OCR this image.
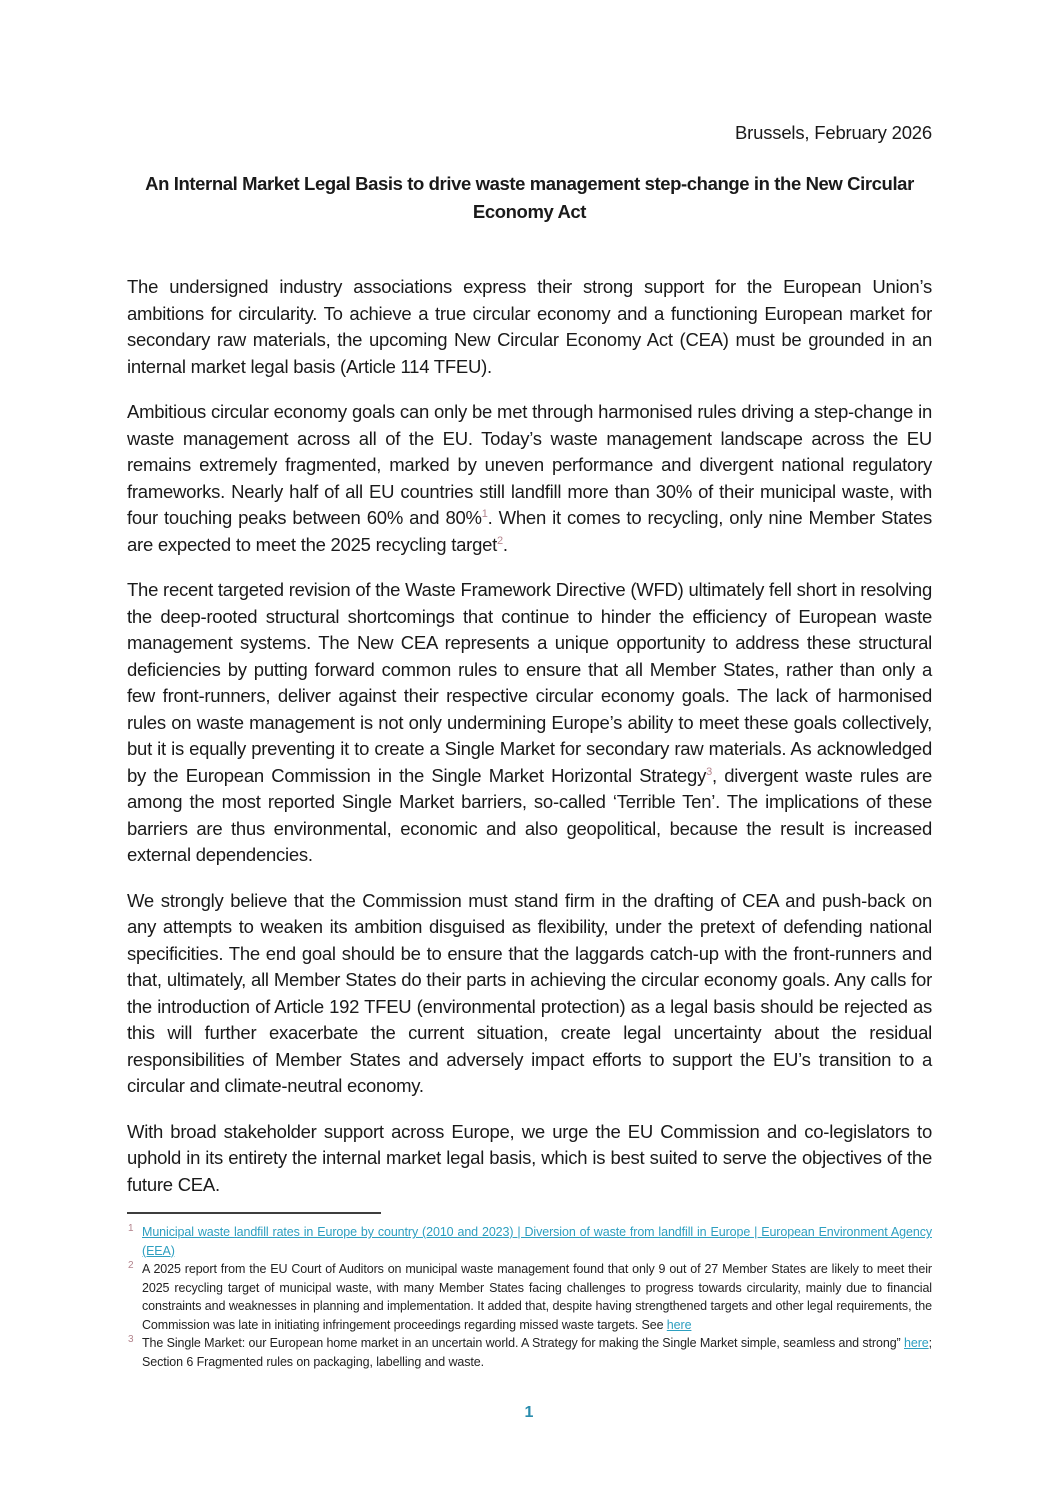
Brussels, February 2026
An Internal Market Legal Basis to drive waste management step-change in the New Circular Economy Act

The undersigned industry associations express their strong support for the European Union’s ambitions for circularity. To achieve a true circular economy and a functioning European market for secondary raw materials, the upcoming New Circular Economy Act (CEA) must be grounded in an internal market legal basis (Article 114 TFEU).

Ambitious circular economy goals can only be met through harmonised rules driving a step-change in waste management across all of the EU. Today’s waste management landscape across the EU remains extremely fragmented, marked by uneven performance and divergent national regulatory frameworks. Nearly half of all EU countries still landfill more than 30% of their municipal waste, with four touching peaks between 60% and 80%$^1$. When it comes to recycling, only nine Member States are expected to meet the 2025 recycling target$^2$.

The recent targeted revision of the Waste Framework Directive (WFD) ultimately fell short in resolving the deep-rooted structural shortcomings that continue to hinder the efficiency of European waste management systems. The New CEA represents a unique opportunity to address these structural deficiencies by putting forward common rules to ensure that all Member States, rather than only a few front-runners, deliver against their respective circular economy goals. The lack of harmonised rules on waste management is not only undermining Europe’s ability to meet these goals collectively, but it is equally preventing it to create a Single Market for secondary raw materials. As acknowledged by the European Commission in the Single Market Horizontal Strategy$^3$, divergent waste rules are among the most reported Single Market barriers, so-called ‘Terrible Ten’. The implications of these barriers are thus environmental, economic and also geopolitical, because the result is increased external dependencies.

We strongly believe that the Commission must stand firm in the drafting of CEA and push-back on any attempts to weaken its ambition disguised as flexibility, under the pretext of defending national specificities. The end goal should be to ensure that the laggards catch-up with the front-runners and that, ultimately, all Member States do their parts in achieving the circular economy goals. Any calls for the introduction of Article 192 TFEU (environmental protection) as a legal basis should be rejected as this will further exacerbate the current situation, create legal uncertainty about the residual responsibilities of Member States and adversely impact efforts to support the EU’s transition to a circular and climate-neutral economy.

With broad stakeholder support across Europe, we urge the EU Commission and co-legislators to uphold in its entirety the internal market legal basis, which is best suited to serve the objectives of the future CEA.

1 Municipal waste landfill rates in Europe by country (2010 and 2023) | Diversion of waste from landfill in Europe | European Environment Agency (EEA)

2 A 2025 report from the EU Court of Auditors on municipal waste management found that only 9 out of 27 Member States are likely to meet their 2025 recycling target of municipal waste, with many Member States facing challenges to progress towards circularity, mainly due to financial constraints and weaknesses in planning and implementation. It added that, despite having strengthened targets and other legal requirements, the Commission was late in initiating infringement proceedings regarding missed waste targets. See here

3 The Single Market: our European home market in an uncertain world. A Strategy for making the Single Market simple, seamless and strong” here; Section 6 Fragmented rules on packaging, labelling and waste.

1
